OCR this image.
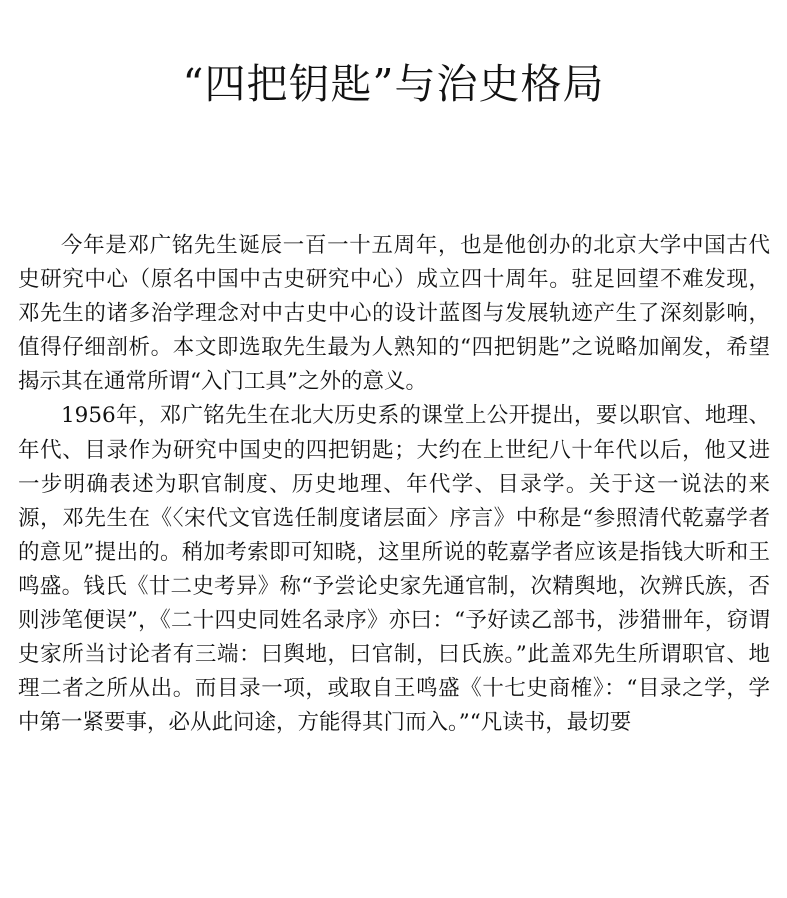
“四把钥匙”与治史格局

今年是邓广铭先生诞辰一百一十五周年，也是他创办的北京大学中国古代史研究中心（原名中国中古史研究中心）成立四十周年。驻足回望不难发现，邓先生的诸多治学理念对中古史中心的设计蓝图与发展轨迹产生了深刻影响，值得仔细剖析。本文即选取先生最为人熟知的“四把钥匙”之说略加阐发，希望揭示其在通常所谓“入门工具”之外的意义。

1956年，邓广铭先生在北大历史系的课堂上公开提出，要以职官、地理、年代、目录作为研究中国史的四把钥匙；大约在上世纪八十年代以后，他又进一步明确表述为职官制度、历史地理、年代学、目录学。关于这一说法的来源，邓先生在《〈宋代文官选任制度诸层面〉序言》中称是“参照清代乾嘉学者的意见”提出的。稍加考索即可知晓，这里所说的乾嘉学者应该是指钱大昕和王鸣盛。钱氏《廿二史考异》称“予尝论史家先通官制，次精舆地，次辨氏族，否则涉笔便误”，《二十四史同姓名录序》亦曰：“予好读乙部书，涉猎卌年，窃谓史家所当讨论者有三端：曰舆地，曰官制，曰氏族。”此盖邓先生所谓职官、地理二者之所从出。而目录一项，或取自王鸣盛《十七史商榷》：“目录之学，学中第一紧要事，必从此问途，方能得其门而入。”“凡读书，最切要
